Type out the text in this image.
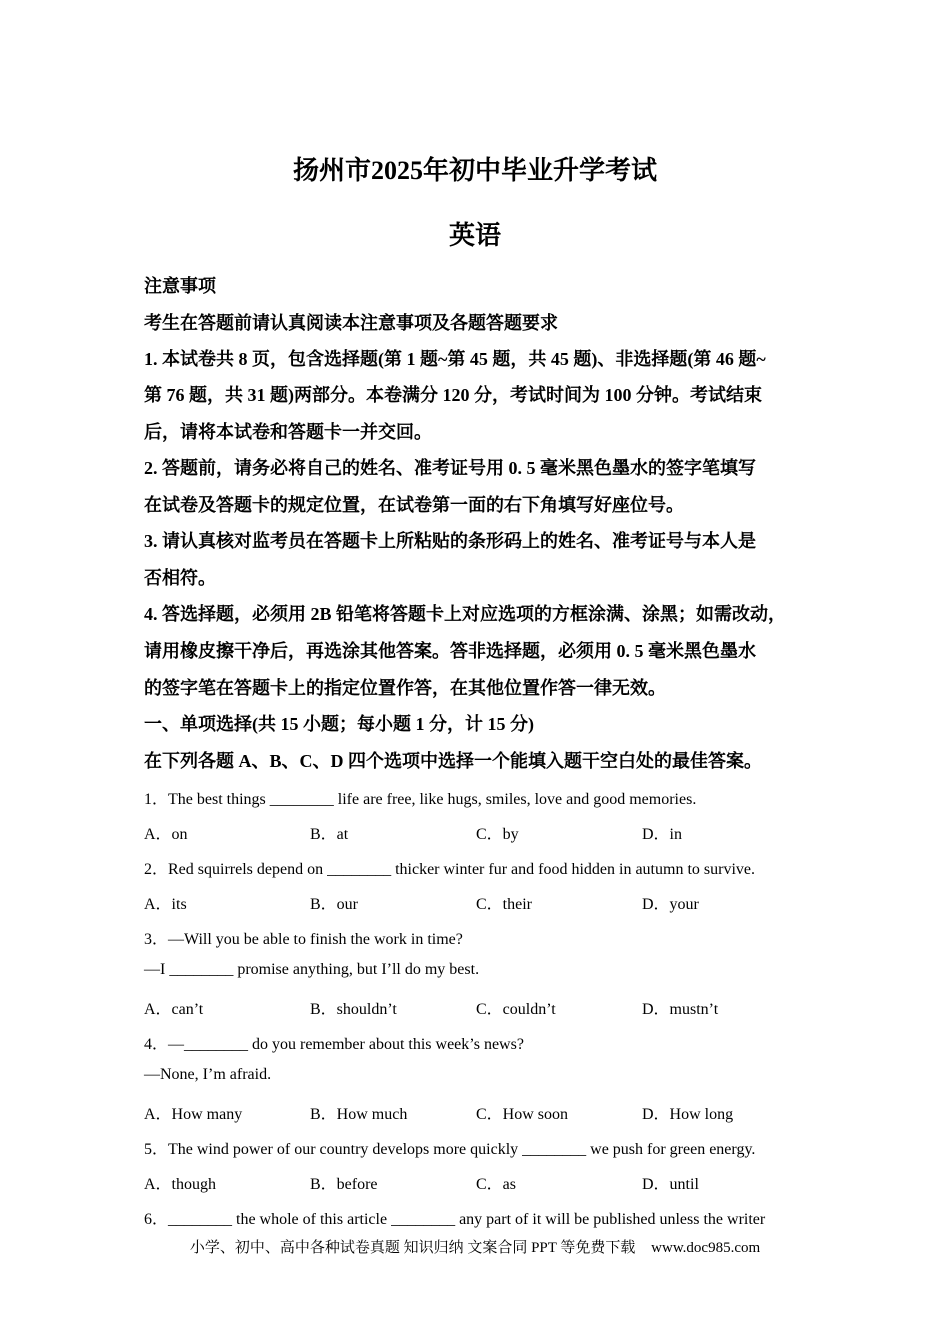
扬州市2025年初中毕业升学考试
英语
注意事项
考生在答题前请认真阅读本注意事项及各题答题要求
1. 本试卷共 8 页，包含选择题(第 1 题~第 45 题，共 45 题)、非选择题(第 46 题~
第 76 题，共 31 题)两部分。本卷满分 120 分，考试时间为 100 分钟。考试结束
后，请将本试卷和答题卡一并交回。
2. 答题前，请务必将自己的姓名、准考证号用 0. 5 毫米黑色墨水的签字笔填写
在试卷及答题卡的规定位置，在试卷第一面的右下角填写好座位号。
3. 请认真核对监考员在答题卡上所粘贴的条形码上的姓名、准考证号与本人是
否相符。
4. 答选择题，必须用 2B 铅笔将答题卡上对应选项的方框涂满、涂黑；如需改动，
请用橡皮擦干净后，再选涂其他答案。答非选择题，必须用 0. 5 毫米黑色墨水
的签字笔在答题卡上的指定位置作答，在其他位置作答一律无效。
一、单项选择(共 15 小题；每小题 1 分，计 15 分)
在下列各题 A、B、C、D 四个选项中选择一个能填入题干空白处的最佳答案。
1．The best things ________ life are free, like hugs, smiles, love and good memories.
A．on	B．at	C．by	D．in
2．Red squirrels depend on ________ thicker winter fur and food hidden in autumn to survive.
A．its	B．our	C．their	D．your
3．—Will you be able to finish the work in time?
—I ________ promise anything, but I’ll do my best.
A．can’t	B．shouldn’t	C．couldn’t	D．mustn’t
4．—________ do you remember about this week’s news?
—None, I’m afraid.
A．How many	B．How much	C．How soon	D．How long
5．The wind power of our country develops more quickly ________ we push for green energy.
A．though	B．before	C．as	D．until
6．________ the whole of this article ________ any part of it will be published unless the writer
小学、初中、高中各种试卷真题 知识归纳 文案合同 PPT 等免费下载 www.doc985.com
